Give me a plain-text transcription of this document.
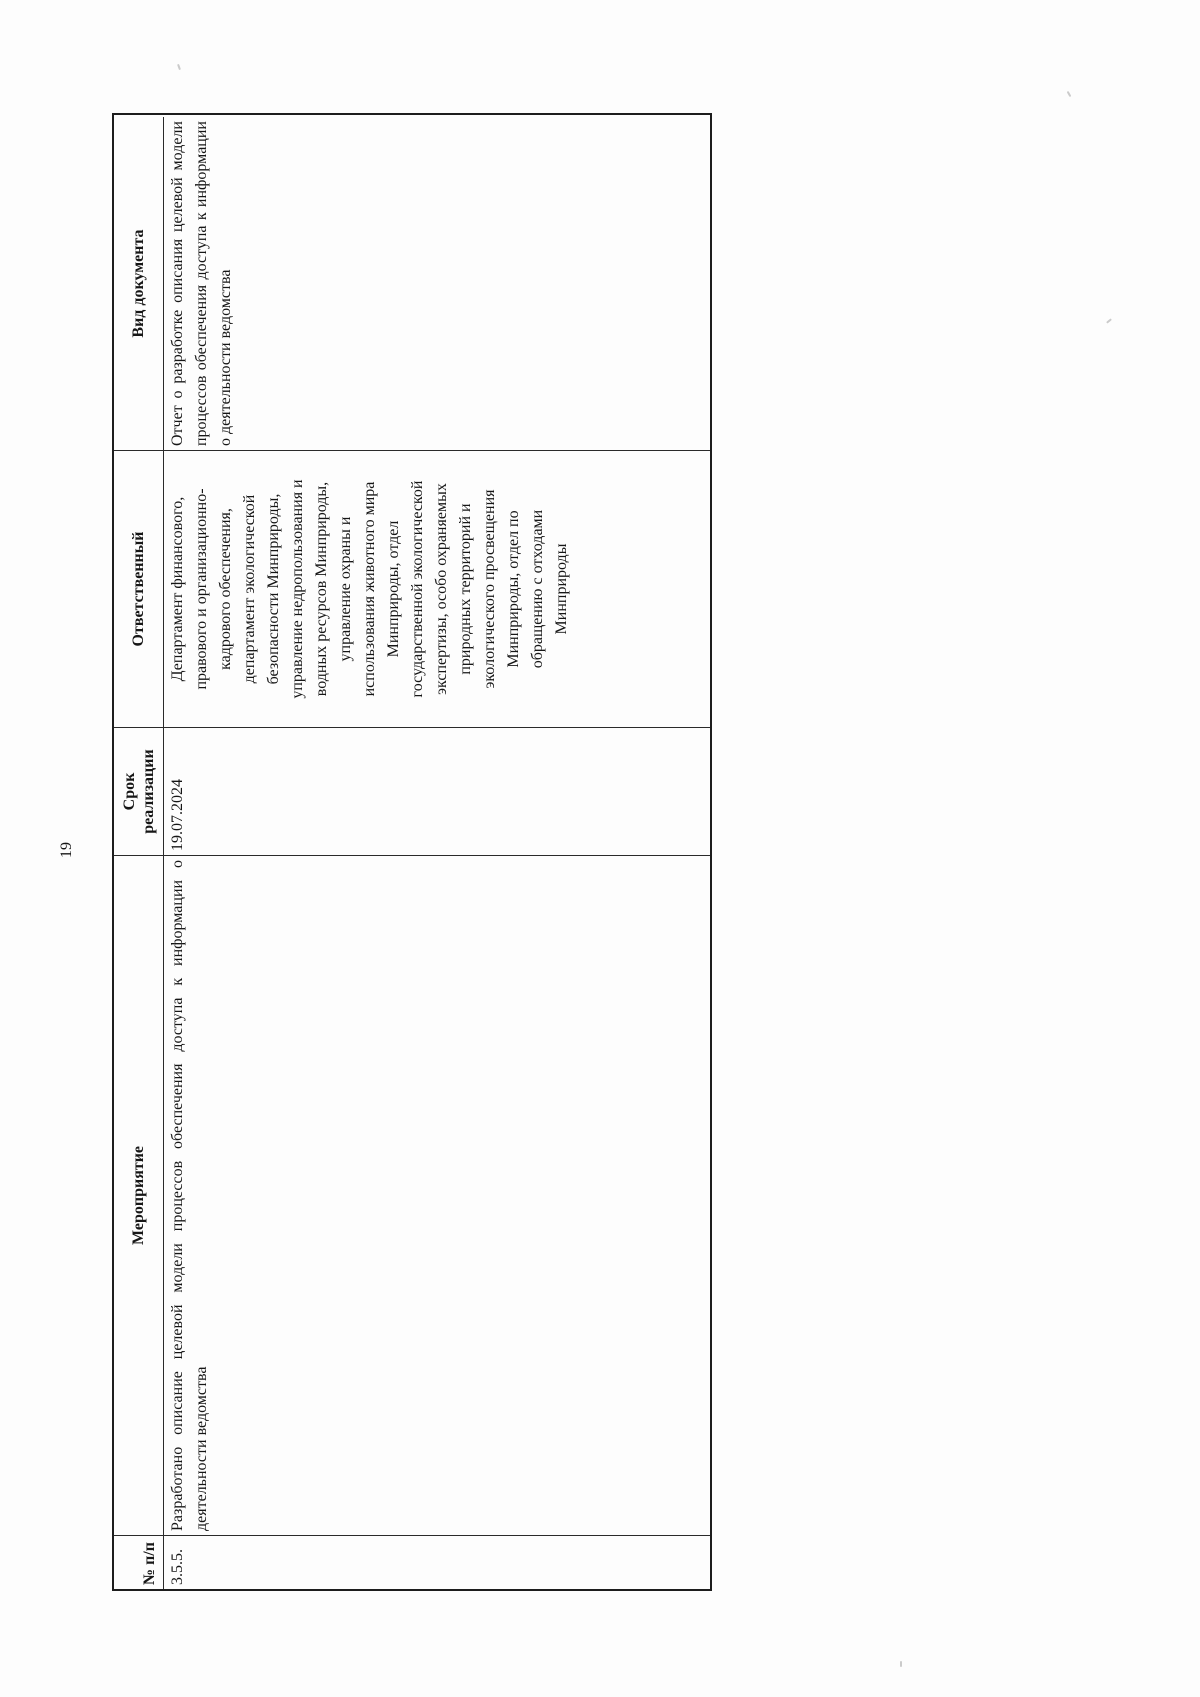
19
№ п/п
Мероприятие
Срок реализации
Ответственный
Вид документа
3.5.5.
Разработано описание целевой модели процессов обеспечения доступа к информации о деятельности ведомства
19.07.2024
Департамент финансового, правового и организационно- кадрового обеспечения, департамент экологической безопасности Минприроды, управление недропользования и водных ресурсов Минприроды, управление охраны и использования животного мира Минприроды, отдел государственной экологической экспертизы, особо охраняемых природных территорий и экологического просвещения Минприроды, отдел по обращению с отходами Минприроды
Отчет о разработке описания целевой модели процессов обеспечения доступа к информации о деятельности ведомства
